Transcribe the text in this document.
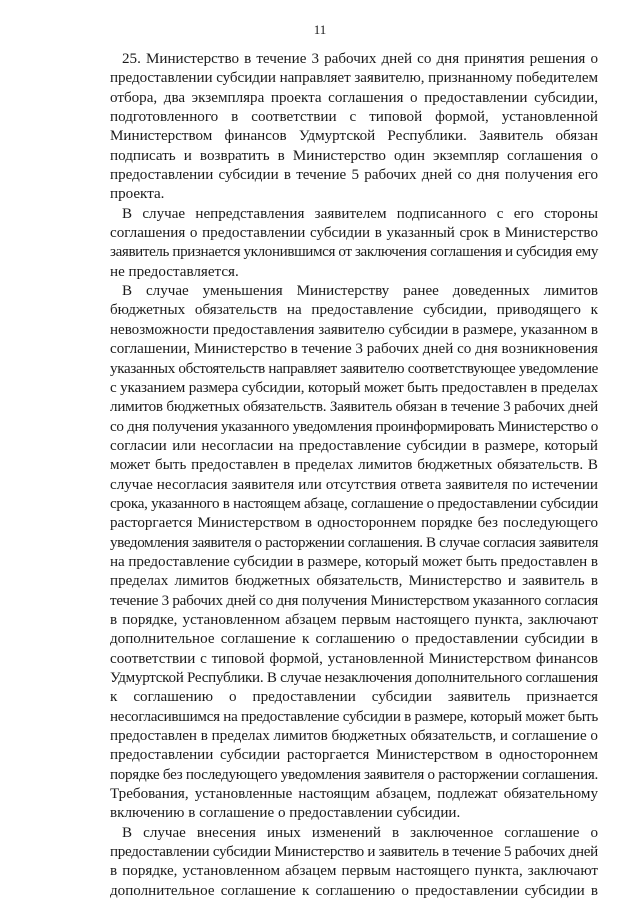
11
25. Министерство в течение 3 рабочих дней со дня принятия решения о
предоставлении субсидии направляет заявителю, признанному победителем
отбора, два экземпляра проекта соглашения о предоставлении субсидии,
подготовленного в соответствии с типовой формой, установленной
Министерством финансов Удмуртской Республики. Заявитель обязан
подписать и возвратить в Министерство один экземпляр соглашения о
предоставлении субсидии в течение 5 рабочих дней со дня получения его
проекта.
В случае непредставления заявителем подписанного с его стороны
соглашения о предоставлении субсидии в указанный срок в Министерство
заявитель признается уклонившимся от заключения соглашения и субсидия ему
не предоставляется.
В случае уменьшения Министерству ранее доведенных лимитов
бюджетных обязательств на предоставление субсидии, приводящего к
невозможности предоставления заявителю субсидии в размере, указанном в
соглашении, Министерство в течение 3 рабочих дней со дня возникновения
указанных обстоятельств направляет заявителю соответствующее уведомление
с указанием размера субсидии, который может быть предоставлен в пределах
лимитов бюджетных обязательств. Заявитель обязан в течение 3 рабочих дней
со дня получения указанного уведомления проинформировать Министерство о
согласии или несогласии на предоставление субсидии в размере, который
может быть предоставлен в пределах лимитов бюджетных обязательств. В
случае несогласия заявителя или отсутствия ответа заявителя по истечении
срока, указанного в настоящем абзаце, соглашение о предоставлении субсидии
расторгается Министерством в одностороннем порядке без последующего
уведомления заявителя о расторжении соглашения. В случае согласия заявителя
на предоставление субсидии в размере, который может быть предоставлен в
пределах лимитов бюджетных обязательств, Министерство и заявитель в
течение 3 рабочих дней со дня получения Министерством указанного согласия
в порядке, установленном абзацем первым настоящего пункта, заключают
дополнительное соглашение к соглашению о предоставлении субсидии в
соответствии с типовой формой, установленной Министерством финансов
Удмуртской Республики. В случае незаключения дополнительного соглашения
к соглашению о предоставлении субсидии заявитель признается
несогласившимся на предоставление субсидии в размере, который может быть
предоставлен в пределах лимитов бюджетных обязательств, и соглашение о
предоставлении субсидии расторгается Министерством в одностороннем
порядке без последующего уведомления заявителя о расторжении соглашения.
Требования, установленные настоящим абзацем, подлежат обязательному
включению в соглашение о предоставлении субсидии.
В случае внесения иных изменений в заключенное соглашение о
предоставлении субсидии Министерство и заявитель в течение 5 рабочих дней
в порядке, установленном абзацем первым настоящего пункта, заключают
дополнительное соглашение к соглашению о предоставлении субсидии в
